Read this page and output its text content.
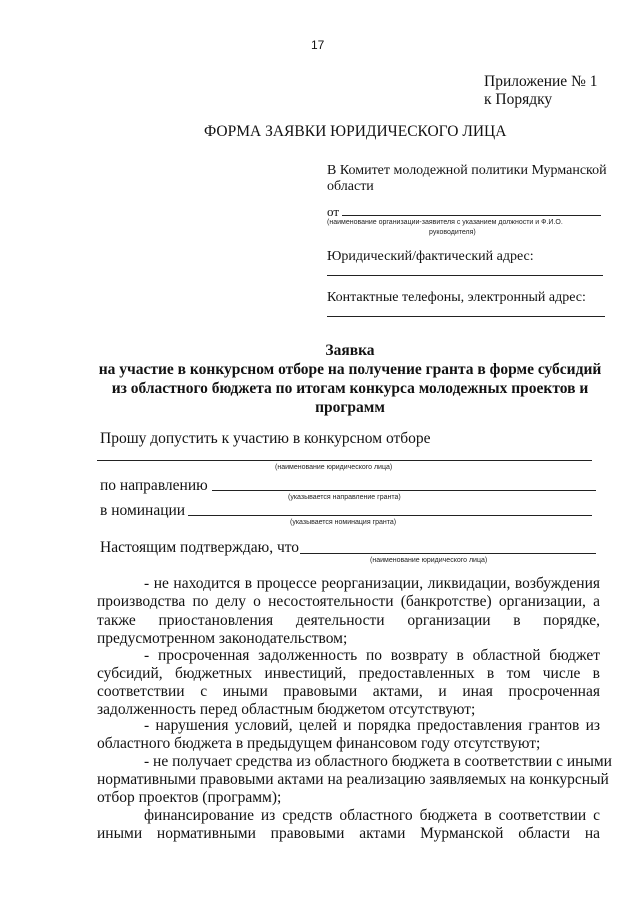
17
Приложение № 1
к Порядку
ФОРМА ЗАЯВКИ ЮРИДИЧЕСКОГО ЛИЦА
В Комитет молодежной политики Мурманской
области
от
(наименование организации-заявителя с указанием должности и Ф.И.О.
руководителя)
Юридический/фактический адрес:
Контактные телефоны, электронный адрес:
Заявка
на участие в конкурсном отборе на получение гранта в форме субсидий
из областного бюджета по итогам конкурса молодежных проектов и
программ
Прошу допустить к участию в конкурсном отборе
(наименование юридического лица)
по направлению
(указывается направление гранта)
в номинации
(указывается номинация гранта)
Настоящим подтверждаю, что
(наименование юридического лица)
- не находится в процессе реорганизации, ликвидации, возбуждения
производства по делу о несостоятельности (банкротстве) организации, а
также приостановления деятельности организации в порядке,
предусмотренном законодательством;
- просроченная задолженность по возврату в областной бюджет
субсидий, бюджетных инвестиций, предоставленных в том числе в
соответствии с иными правовыми актами, и иная просроченная
задолженность перед областным бюджетом отсутствуют;
- нарушения условий, целей и порядка предоставления грантов из
областного бюджета в предыдущем финансовом году отсутствуют;
- не получает средства из областного бюджета в соответствии с иными
нормативными правовыми актами на реализацию заявляемых на конкурсный
отбор проектов (программ);
финансирование из средств областного бюджета в соответствии с
иными нормативными правовыми актами Мурманской области на
